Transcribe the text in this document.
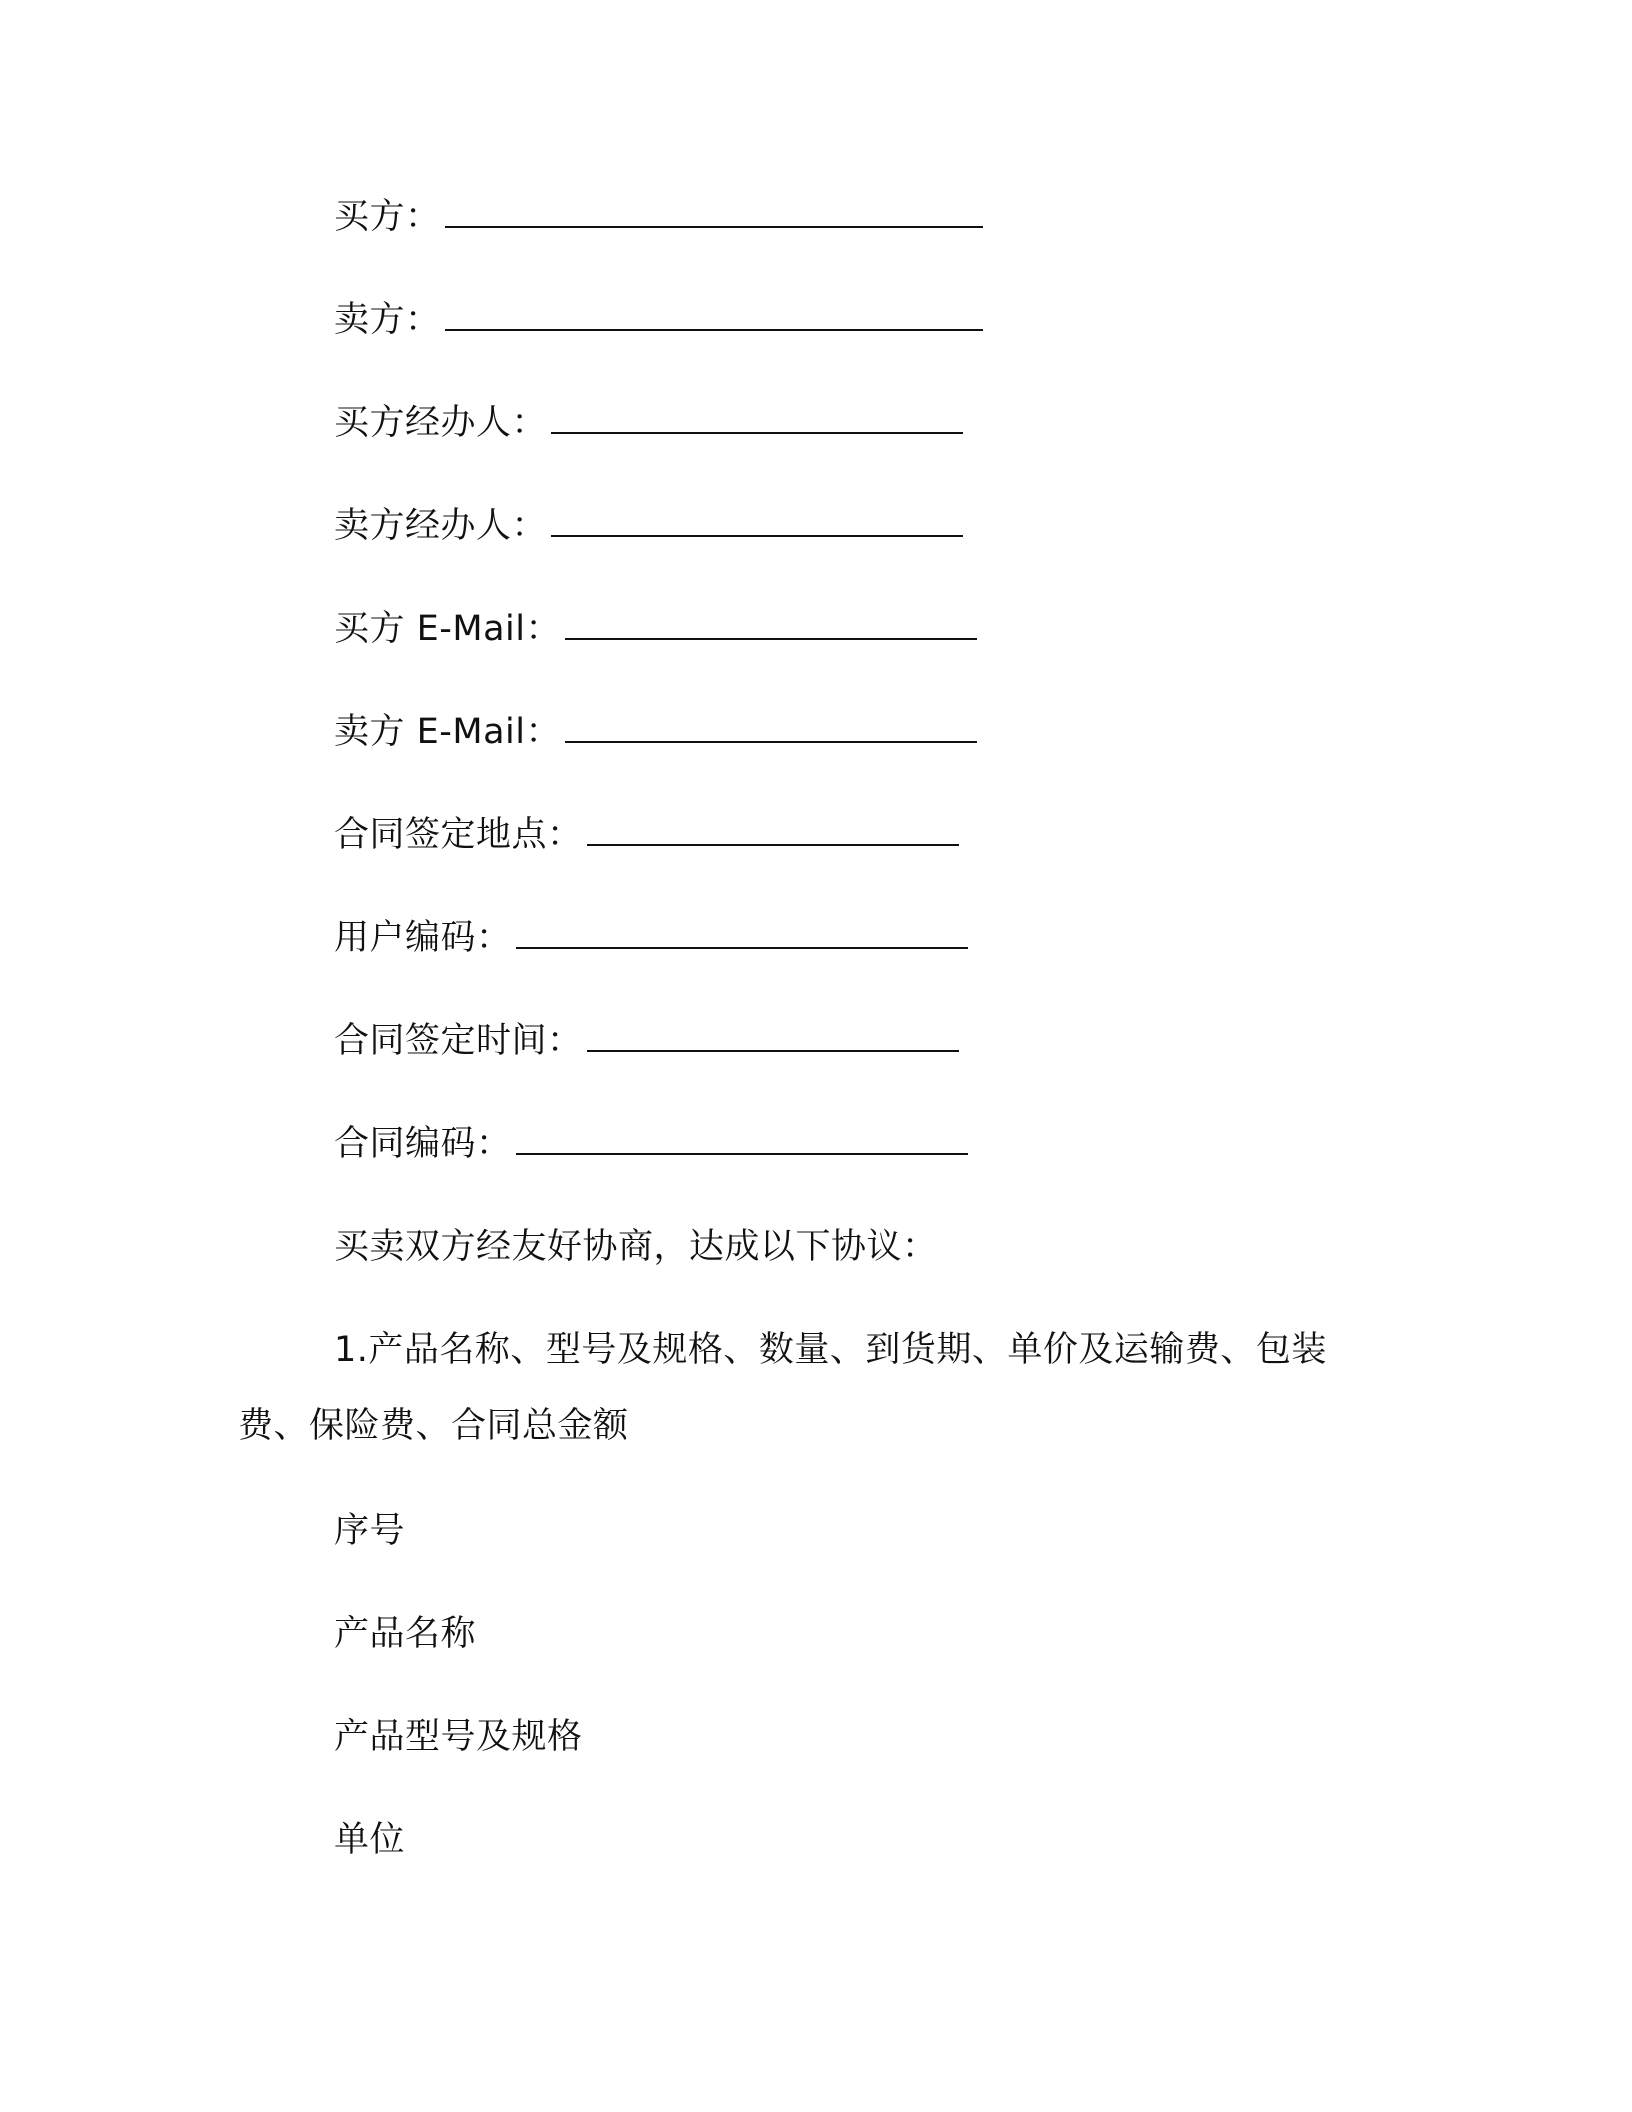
买方：
卖方：
买方经办人：
卖方经办人：
买方 E-Mail：
卖方 E-Mail：
合同签定地点：
用户编码：
合同签定时间：
合同编码：
买卖双方经友好协商，达成以下协议：
1.产品名称、型号及规格、数量、到货期、单价及运输费、包装
费、保险费、合同总金额
序号
产品名称
产品型号及规格
单位
